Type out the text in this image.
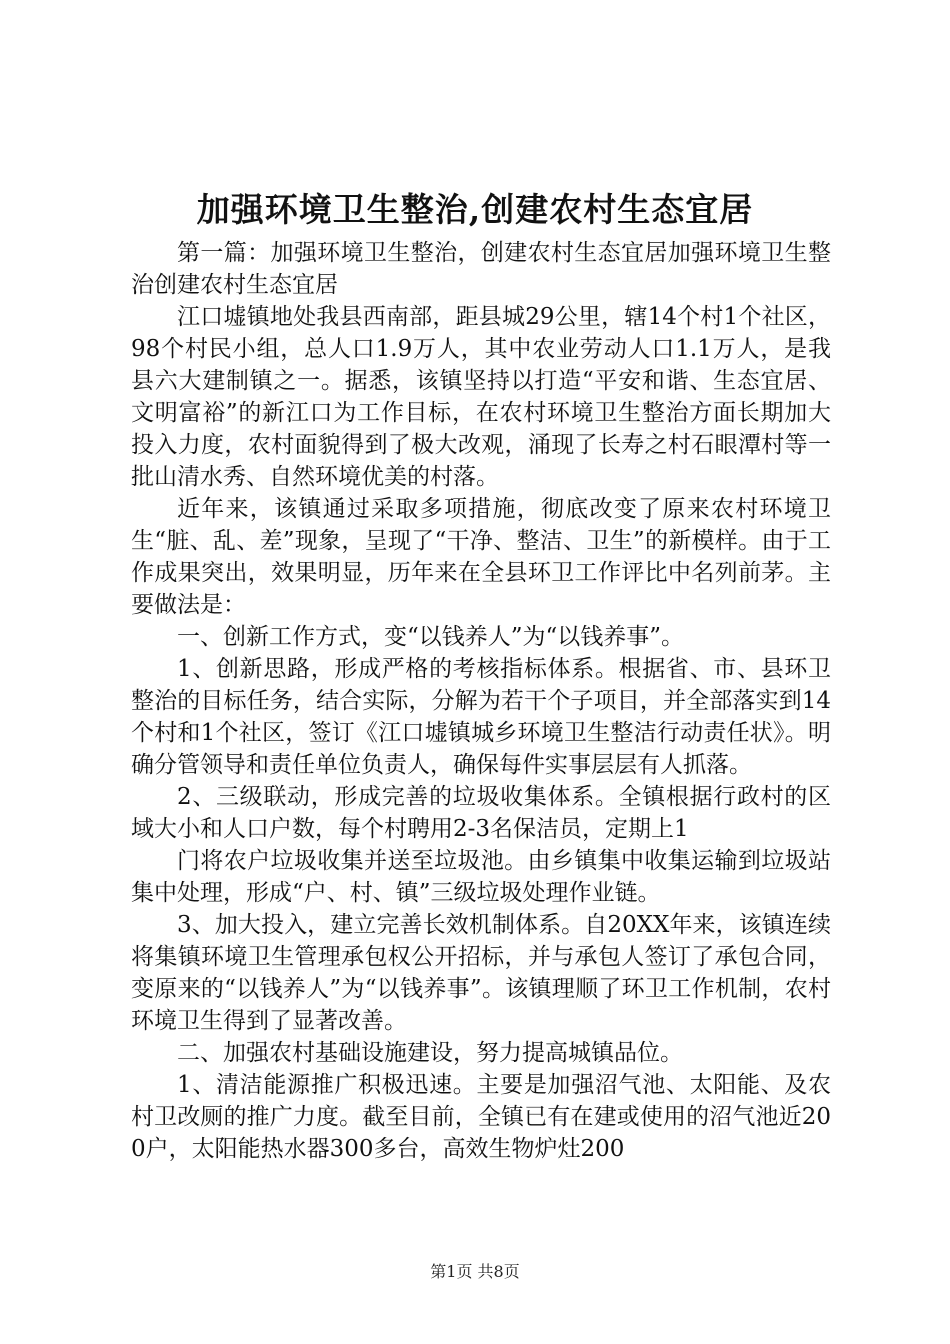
加强环境卫生整治,创建农村生态宜居

第一篇：加强环境卫生整治，创建农村生态宜居加强环境卫生整治创建农村生态宜居

江口墟镇地处我县西南部，距县城29公里，辖14个村1个社区，98个村民小组，总人口1.9万人，其中农业劳动人口1.1万人，是我县六大建制镇之一。据悉，该镇坚持以打造“平安和谐、生态宜居、文明富裕”的新江口为工作目标，在农村环境卫生整治方面长期加大投入力度，农村面貌得到了极大改观，涌现了长寿之村石眼潭村等一批山清水秀、自然环境优美的村落。

近年来，该镇通过采取多项措施，彻底改变了原来农村环境卫生“脏、乱、差”现象，呈现了“干净、整洁、卫生”的新模样。由于工作成果突出，效果明显，历年来在全县环卫工作评比中名列前茅。主要做法是：

一、创新工作方式，变“以钱养人”为“以钱养事”。

1、创新思路，形成严格的考核指标体系。根据省、市、县环卫整治的目标任务，结合实际，分解为若干个子项目，并全部落实到14个村和1个社区，签订《江口墟镇城乡环境卫生整洁行动责任状》。明确分管领导和责任单位负责人，确保每件实事层层有人抓落。

2、三级联动，形成完善的垃圾收集体系。全镇根据行政村的区域大小和人口户数，每个村聘用2-3名保洁员，定期上1

门将农户垃圾收集并送至垃圾池。由乡镇集中收集运输到垃圾站集中处理，形成“户、村、镇”三级垃圾处理作业链。

3、加大投入，建立完善长效机制体系。自20XX年来，该镇连续将集镇环境卫生管理承包权公开招标，并与承包人签订了承包合同，变原来的“以钱养人”为“以钱养事”。该镇理顺了环卫工作机制，农村环境卫生得到了显著改善。

二、加强农村基础设施建设，努力提高城镇品位。

1、清洁能源推广积极迅速。主要是加强沼气池、太阳能、及农村卫改厕的推广力度。截至目前，全镇已有在建或使用的沼气池近200户，太阳能热水器300多台，高效生物炉灶200

第1页 共8页
